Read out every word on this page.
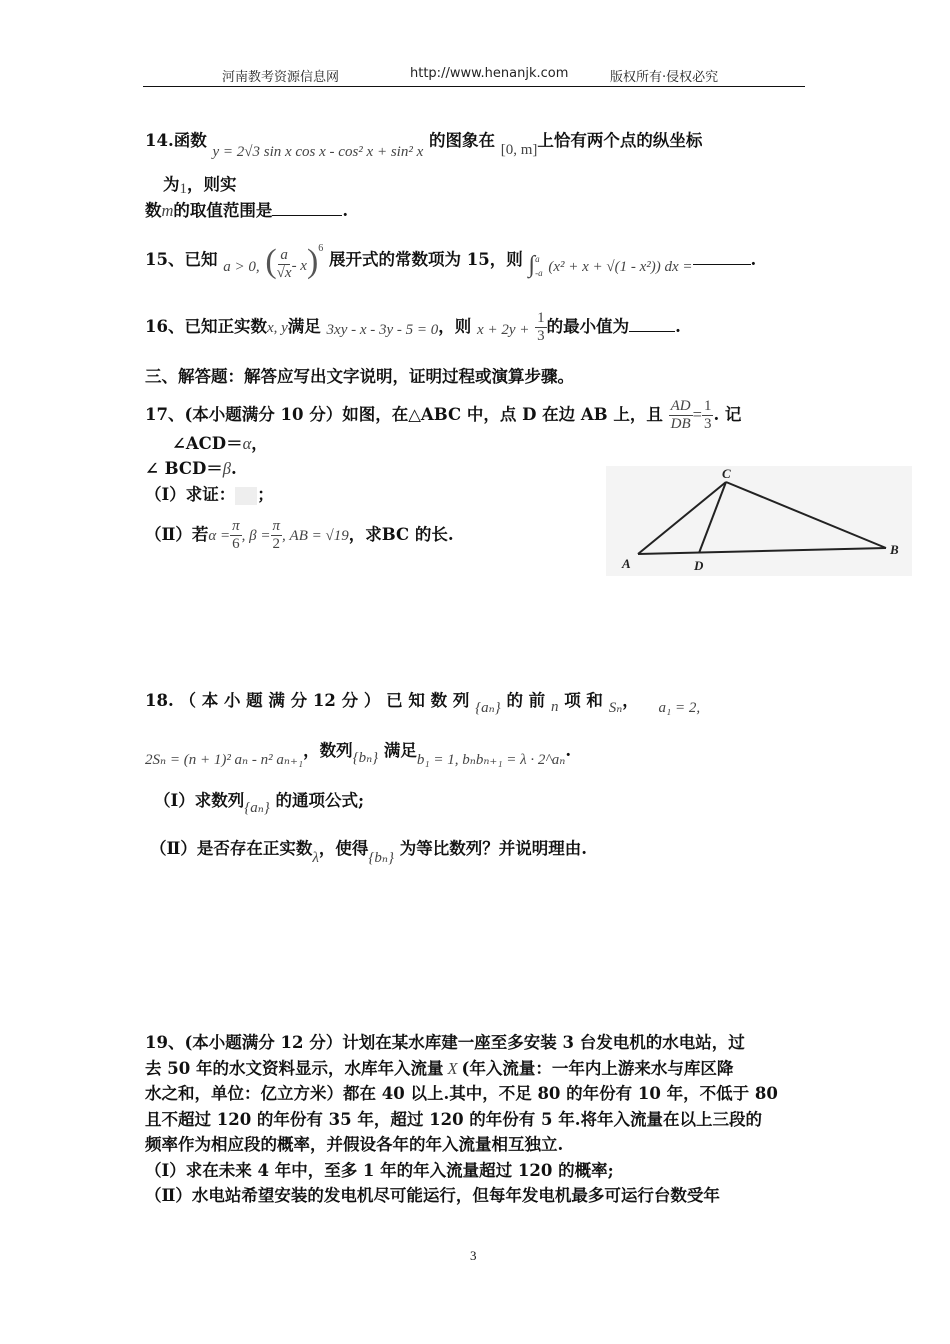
河南教考资源信息网	http://www.henanjk.com	版权所有·侵权必究
14.函数 y = 2√3 sin x cos x - cos² x + sin² x 的图象在 [0, m]上恰有两个点的纵坐标
为1，则实
数m的取值范围是	.
15、已知 a > 0, ( $\frac{a}{√x} - x)^6$ 展开式的常数项为 15，则 ∫ a
-a (x² + x + √(1 - x²)) dx =	.
16、已知正实数x, y满足 3xy - x - 3y - 5 = 0，则 $x + 2y + \frac{1}{3}$ 的最小值为	.
三、解答题：解答应写出文字说明，证明过程或演算步骤。
17、(本小题满分 10 分）如图，在△ABC 中，点 D 在边 AB 上，且 $\frac{AD}{DB} = \frac{1}{3}$ . 记
∠ACD＝α，
∠ BCD＝β.
（Ⅰ）求证： ；
（Ⅱ）若$\alpha = \frac{\pi}{6}$ , $\beta = \frac{\pi}{2}$ , AB = √19，求BC 的长.
C
A	D
B
18. （ 本 小 题 满 分 12 分 ） 已 知 数 列 {aₙ} 的 前 n 项 和 Sₙ， a₁ = 2,
2Sₙ = (n + 1)² aₙ - n² aₙ₊₁，数列{bₙ} 满足b₁ = 1, bₙbₙ₊₁ = λ · 2^aₙ.
（Ⅰ）求数列{aₙ} 的通项公式;
（Ⅱ）是否存在正实数λ，使得{bₙ} 为等比数列？并说明理由.
19、(本小题满分 12 分）计划在某水库建一座至多安装 3 台发电机的水电站，过
去 50 年的水文资料显示，水库年入流量 X (年入流量：一年内上游来水与库区降
水之和，单位：亿立方米）都在 40 以上.其中，不足 80 的年份有 10 年，不低于 80
且不超过 120 的年份有 35 年，超过 120 的年份有 5 年.将年入流量在以上三段的
频率作为相应段的概率，并假设各年的年入流量相互独立.
（Ⅰ）求在未来 4 年中，至多 1 年的年入流量超过 120 的概率;
（Ⅱ）水电站希望安装的发电机尽可能运行，但每年发电机最多可运行台数受年
3
